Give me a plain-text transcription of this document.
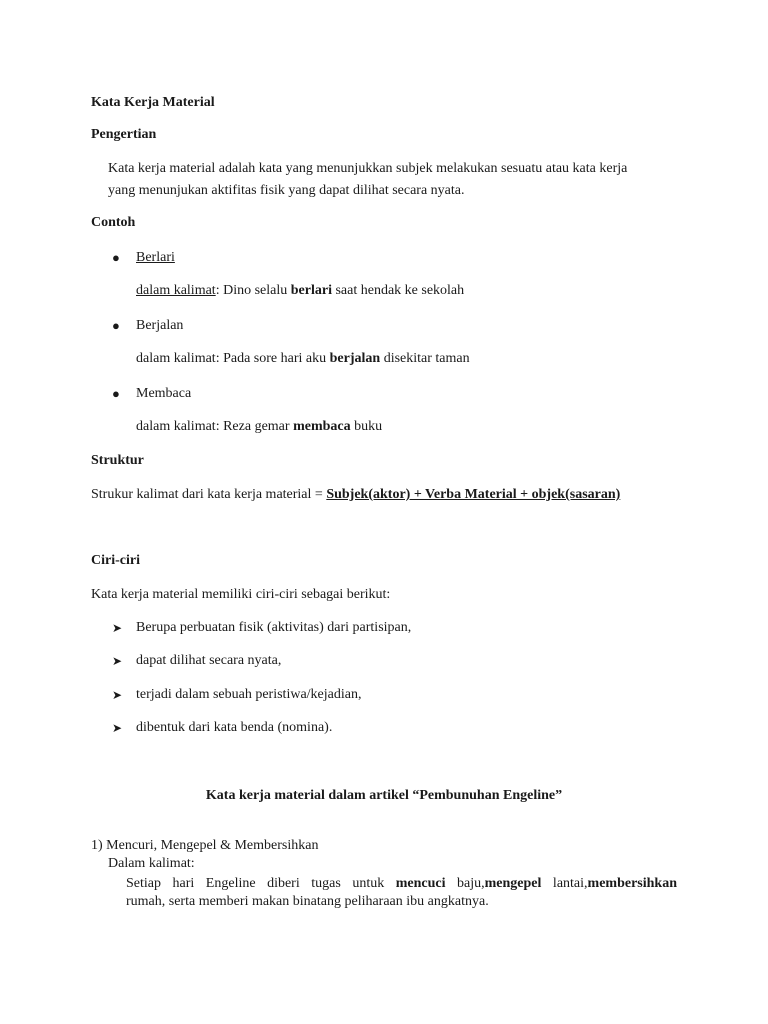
Kata Kerja Material
Pengertian
Kata kerja material adalah kata yang menunjukkan subjek melakukan sesuatu atau kata kerja
yang menunjukan aktifitas fisik yang dapat dilihat secara nyata.
Contoh
● Berlari
dalam kalimat: Dino selalu berlari saat hendak ke sekolah
● Berjalan
dalam kalimat: Pada sore hari aku berjalan disekitar taman
● Membaca
dalam kalimat: Reza gemar membaca buku
Struktur
Strukur kalimat dari kata kerja material = Subjek(aktor) + Verba Material + objek(sasaran)
Ciri-ciri
Kata kerja material memiliki ciri-ciri sebagai berikut:
➤ Berupa perbuatan fisik (aktivitas) dari partisipan,
➤ dapat dilihat secara nyata,
➤ terjadi dalam sebuah peristiwa/kejadian,
➤ dibentuk dari kata benda (nomina).
Kata kerja material dalam artikel “Pembunuhan Engeline”
1) Mencuri, Mengepel & Membersihkan
Dalam kalimat:
Setiap hari Engeline diberi tugas untuk mencuci baju,mengepel lantai,membersihkan
rumah, serta memberi makan binatang peliharaan ibu angkatnya.
